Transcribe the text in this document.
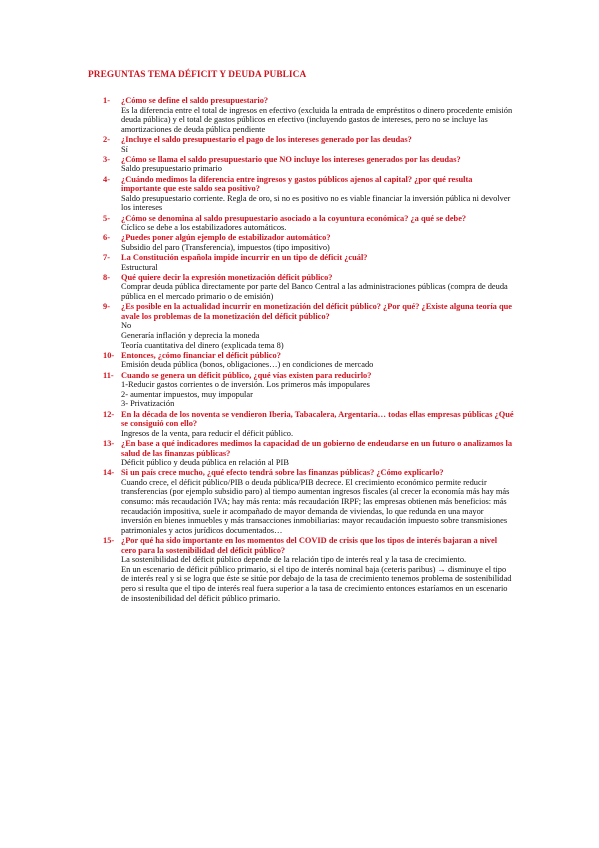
PREGUNTAS TEMA DÉFICIT Y DEUDA PUBLICA
1-	¿Cómo se define el saldo presupuestario?
Es la diferencia entre el total de ingresos en efectivo (excluida la entrada de empréstitos o dinero procedente emisión deuda pública) y el total de gastos públicos en efectivo (incluyendo gastos de intereses, pero no se incluye las amortizaciones de deuda pública pendiente
2-	¿Incluye el saldo presupuestario el pago de los intereses generado por las deudas?
Sí
3-	¿Cómo se llama el saldo presupuestario que NO incluye los intereses generados por las deudas?
Saldo presupuestario primario
4-	¿Cuándo medimos la diferencia entre ingresos y gastos públicos ajenos al capital? ¿por qué resulta importante que este saldo sea positivo?
Saldo presupuestario corriente. Regla de oro, si no es positivo no es viable financiar la inversión pública ni devolver los intereses
5-	¿Cómo se denomina al saldo presupuestario asociado a la coyuntura económica? ¿a qué se debe?
Cíclico se debe a los estabilizadores automáticos.
6-	¿Puedes poner algún ejemplo de estabilizador automático?
Subsidio del paro (Transferencia), impuestos (tipo impositivo)
7-	La Constitución española impide incurrir en un tipo de déficit ¿cuál?
Estructural
8-	Qué quiere decir la expresión monetización déficit público?
Comprar deuda pública directamente por parte del Banco Central a las administraciones públicas (compra de deuda pública en el mercado primario o de emisión)
9-	¿Es posible en la actualidad incurrir en monetización del déficit público? ¿Por qué? ¿Existe alguna teoría que avale los problemas de la monetización del déficit público?
No
Generaría inflación y deprecia la moneda
Teoría cuantitativa del dinero (explicada tema 8)
10- Entonces, ¿cómo financiar el déficit público?
Emisión deuda pública (bonos, obligaciones…) en condiciones de mercado
11- Cuando se genera un déficit público, ¿qué vías existen para reducirlo?
1-Reducir gastos corrientes o de inversión. Los primeros más impopulares
2- aumentar impuestos, muy impopular
3- Privatización
12- En la década de los noventa se vendieron Iberia, Tabacalera, Argentaria… todas ellas empresas públicas ¿Qué se consiguió con ello?
Ingresos de la venta, para reducir el déficit público.
13- ¿En base a qué indicadores medimos la capacidad de un gobierno de endeudarse en un futuro o analizamos la salud de las finanzas públicas?
Déficit público y deuda pública en relación al PIB
14- Si un país crece mucho, ¿qué efecto tendrá sobre las finanzas públicas? ¿Cómo explicarlo?
Cuando crece, el déficit público/PIB o deuda pública/PIB decrece. El crecimiento económico permite reducir transferencias (por ejemplo subsidio paro) al tiempo aumentan ingresos fiscales (al crecer la economía más hay más consumo: más recaudación IVA; hay más renta: más recaudación IRPF; las empresas obtienen más beneficios: más recaudación impositiva, suele ir acompañado de mayor demanda de viviendas, lo que redunda en una mayor inversión en bienes inmuebles y más transacciones inmobiliarias: mayor recaudación impuesto sobre transmisiones patrimoniales y actos jurídicos documentados…
15- ¿Por qué ha sido importante en los momentos del COVID de crisis que los tipos de interés bajaran a nivel cero para la sostenibilidad del déficit público?
La sostenibilidad del déficit público depende de la relación tipo de interés real y la tasa de crecimiento.
En un escenario de déficit público primario, si el tipo de interés nominal baja (ceteris paribus) → disminuye el tipo de interés real y si se logra que éste se sitúe por debajo de la tasa de crecimiento tenemos problema de sostenibilidad pero si resulta que el tipo de interés real fuera superior a la tasa de crecimiento entonces estaríamos en un escenario de insostenibilidad del déficit público primario.
